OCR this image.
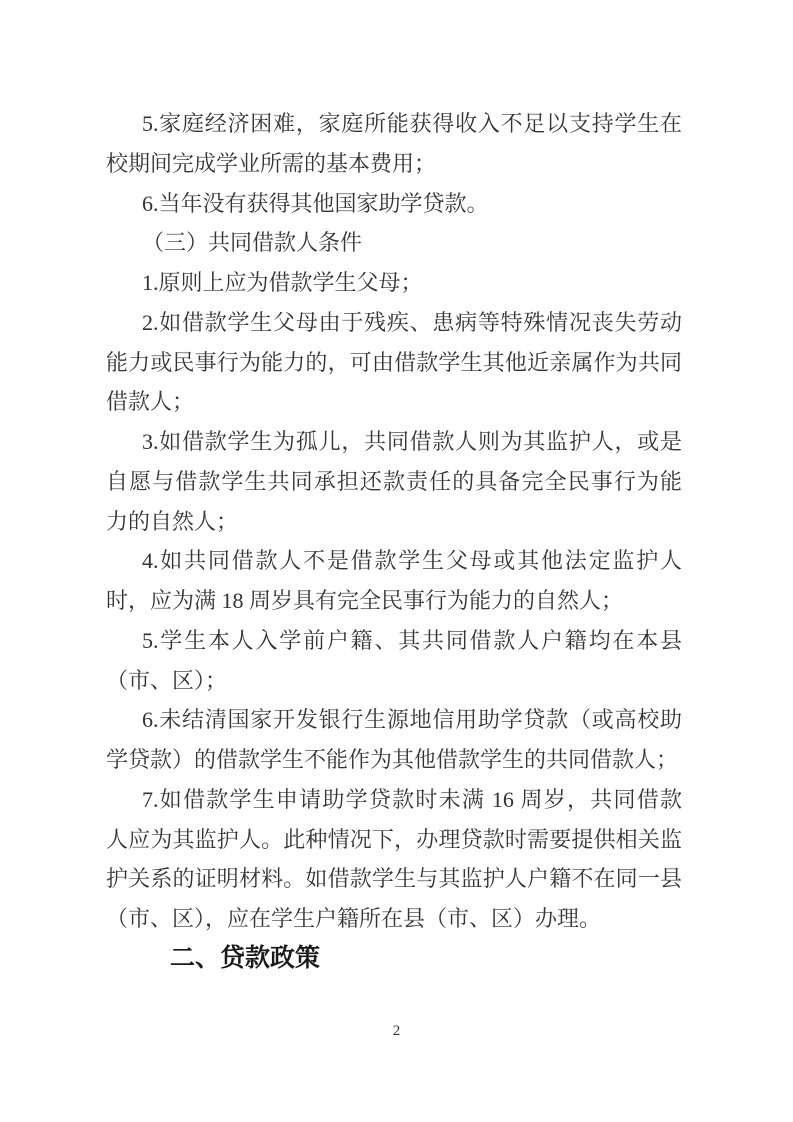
5.家庭经济困难，家庭所能获得收入不足以支持学生在
校期间完成学业所需的基本费用；
6.当年没有获得其他国家助学贷款。
（三）共同借款人条件
1.原则上应为借款学生父母；
2.如借款学生父母由于残疾、患病等特殊情况丧失劳动
能力或民事行为能力的，可由借款学生其他近亲属作为共同
借款人；
3.如借款学生为孤儿，共同借款人则为其监护人，或是
自愿与借款学生共同承担还款责任的具备完全民事行为能
力的自然人；
4.如共同借款人不是借款学生父母或其他法定监护人
时，应为满 18 周岁具有完全民事行为能力的自然人；
5.学生本人入学前户籍、其共同借款人户籍均在本县
（市、区）；
6.未结清国家开发银行生源地信用助学贷款（或高校助
学贷款）的借款学生不能作为其他借款学生的共同借款人；
7.如借款学生申请助学贷款时未满 16 周岁，共同借款
人应为其监护人。此种情况下，办理贷款时需要提供相关监
护关系的证明材料。如借款学生与其监护人户籍不在同一县
（市、区），应在学生户籍所在县（市、区）办理。
二、贷款政策
2
